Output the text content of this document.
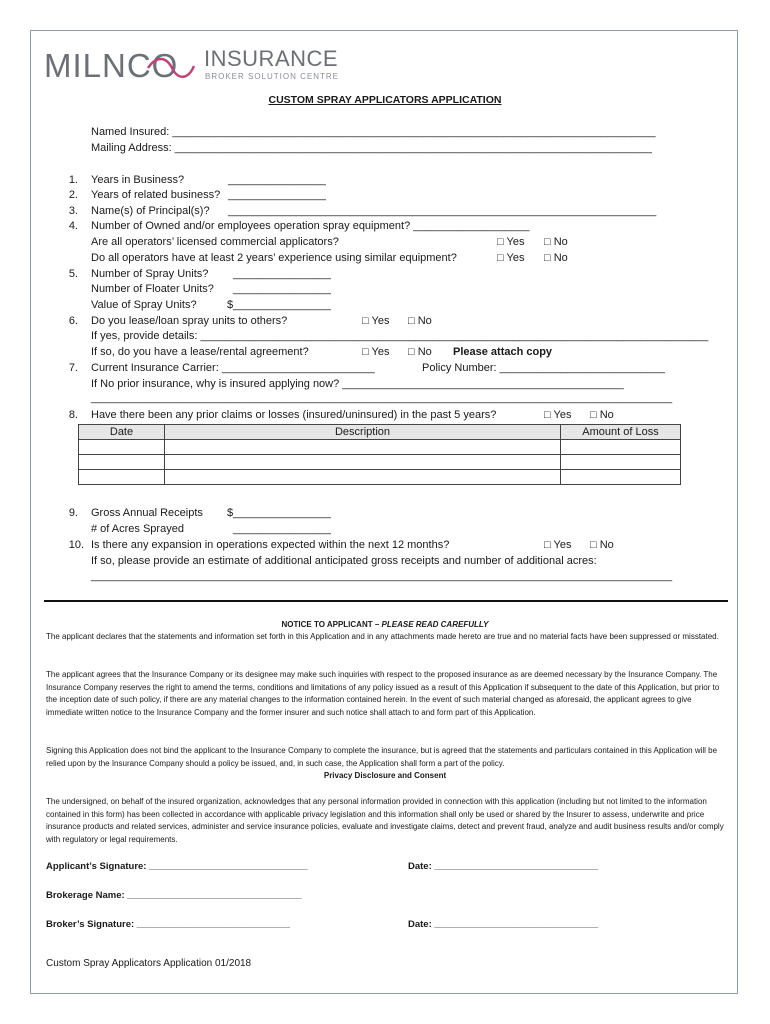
MILNCO INSURANCE
BROKER SOLUTION CENTRE
CUSTOM SPRAY APPLICATORS APPLICATION
Named Insured: _______________________________________________________________________________
Mailing Address: ______________________________________________________________________________
1. Years in Business?	________________
2. Years of related business? ________________
3. Name(s) of Principal(s)? ______________________________________________________________________
4. Number of Owned and/or employees operation spray equipment? ___________________
Are all operators’ licensed commercial applicators?	□ Yes □ No
Do all operators have at least 2 years’ experience using similar equipment?	□ Yes □ No
5. Number of Spray Units? ________________
Number of Floater Units? ________________
Value of Spray Units?	$________________
6. Do you lease/loan spray units to others?	□ Yes □ No
If yes, provide details: ___________________________________________________________________________________
If so, do you have a lease/rental agreement?	□ Yes □ No Please attach copy
7. Current Insurance Carrier: _________________________	Policy Number: ___________________________
If No prior insurance, why is insured applying now? ______________________________________________
_______________________________________________________________________________________________
8. Have there been any prior claims or losses (insured/uninsured) in the past 5 years?	□ Yes □ No
Date	Description	Amount of Loss

9. Gross Annual Receipts $________________
# of Acres Sprayed	________________
10. Is there any expansion in operations expected within the next 12 months?	□ Yes □ No
If so, please provide an estimate of additional anticipated gross receipts and number of additional acres:
_______________________________________________________________________________________________
NOTICE TO APPLICANT – PLEASE READ CAREFULLY
The applicant declares that the statements and information set forth in this Application and in any attachments made hereto are true and no material facts have been suppressed or misstated.
The applicant agrees that the Insurance Company or its designee may make such inquiries with respect to the proposed insurance as are deemed necessary by the Insurance Company. The Insurance Company reserves the right to amend the terms, conditions and limitations of any policy issued as a result of this Application if subsequent to the date of this Application, but prior to the inception date of such policy, if there are any material changes to the information contained herein. In the event of such material changed as aforesaid, the applicant agrees to give immediate written notice to the Insurance Company and the former insurer and such notice shall attach to and form part of this Application.
Signing this Application does not bind the applicant to the Insurance Company to complete the insurance, but is agreed that the statements and particulars contained in this Application will be relied upon by the Insurance Company should a policy be issued, and, in such case, the Application shall form a part of the policy.
Privacy Disclosure and Consent
The undersigned, on behalf of the insured organization, acknowledges that any personal information provided in connection with this application (including but not limited to the information contained in this form) has been collected in accordance with applicable privacy legislation and this information shall only be used or shared by the Insurer to assess, underwrite and price insurance products and related services, administer and service insurance policies, evaluate and investigate claims, detect and prevent fraud, analyze and audit business results and/or comply with regulatory or legal requirements.
Applicant’s Signature: ______________________________	Date: _______________________________
Brokerage Name: _________________________________
Broker’s Signature: _____________________________	Date: _______________________________
Custom Spray Applicators Application 01/2018
